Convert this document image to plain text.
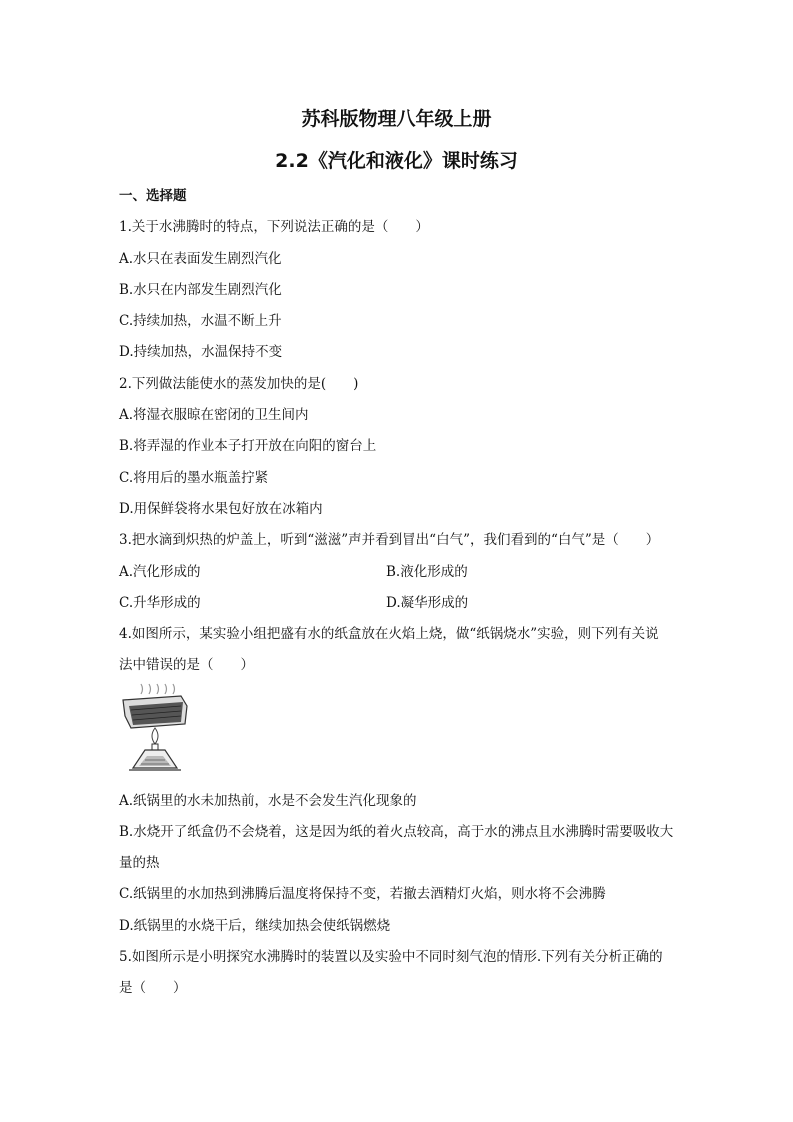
苏科版物理八年级上册
2.2《汽化和液化》课时练习
一、选择题
1.关于水沸腾时的特点，下列说法正确的是（　　）
A.水只在表面发生剧烈汽化
B.水只在内部发生剧烈汽化
C.持续加热，水温不断上升
D.持续加热，水温保持不变
2.下列做法能使水的蒸发加快的是(　　)
A.将湿衣服晾在密闭的卫生间内
B.将弄湿的作业本子打开放在向阳的窗台上
C.将用后的墨水瓶盖拧紧
D.用保鲜袋将水果包好放在冰箱内
3.把水滴到炽热的炉盖上，听到“滋滋”声并看到冒出“白气”，我们看到的“白气”是（　　）
A.汽化形成的	B.液化形成的
C.升华形成的	D.凝华形成的
4.如图所示，某实验小组把盛有水的纸盒放在火焰上烧，做“纸锅烧水”实验，则下列有关说
法中错误的是（　　）
A.纸锅里的水未加热前，水是不会发生汽化现象的
B.水烧开了纸盒仍不会烧着，这是因为纸的着火点较高，高于水的沸点且水沸腾时需要吸收大
量的热
C.纸锅里的水加热到沸腾后温度将保持不变，若撤去酒精灯火焰，则水将不会沸腾
D.纸锅里的水烧干后，继续加热会使纸锅燃烧
5.如图所示是小明探究水沸腾时的装置以及实验中不同时刻气泡的情形.下列有关分析正确的
是（　　）
